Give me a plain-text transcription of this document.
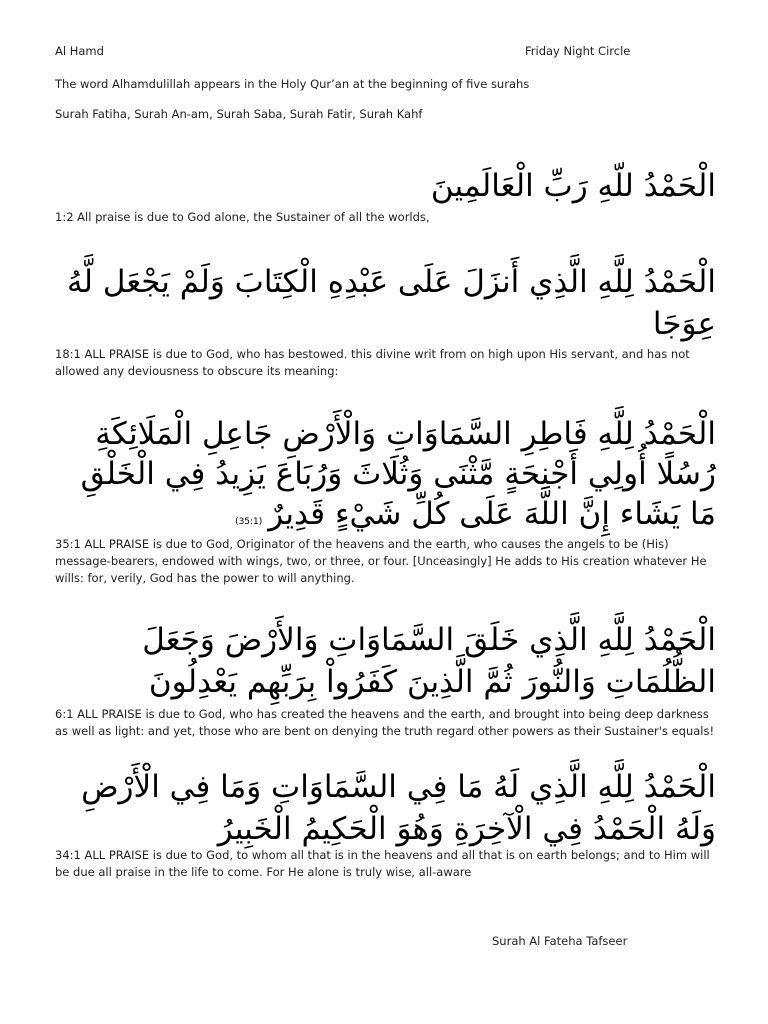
Al Hamd	Friday Night Circle
The word Alhamdulillah appears in the Holy Qur’an at the beginning of five surahs
Surah Fatiha, Surah An-am, Surah Saba, Surah Fatir, Surah Kahf
الْحَمْدُ للّهِ رَبِّ الْعَالَمِينَ
1:2 All praise is due to God alone, the Sustainer of all the worlds,
الْحَمْدُ لِلَّهِ الَّذِي أَنزَلَ عَلَى عَبْدِهِ الْكِتَابَ وَلَمْ يَجْعَل لَّهُ عِوَجَا
18:1 ALL PRAISE is due to God, who has bestowed. this divine writ from on high upon His servant, and has not allowed any deviousness to obscure its meaning:
الْحَمْدُ لِلَّهِ فَاطِرِ السَّمَاوَاتِ وَالْأَرْضِ جَاعِلِ الْمَلَائِكَةِ رُسُلًا أُولِي أَجْنِحَةٍ مَّثْنَى وَثُلَاثَ وَرُبَاعَ يَزِيدُ فِي الْخَلْقِ مَا يَشَاء إِنَّ اللَّهَ عَلَى كُلِّ شَيْءٍ قَدِيرٌ(35:1)
35:1 ALL PRAISE is due to God, Originator of the heavens and the earth, who causes the angels to be (His) message-bearers, endowed with wings, two, or three, or four. [Unceasingly] He adds to His creation whatever He wills: for, verily, God has the power to will anything.
الْحَمْدُ لِلَّهِ الَّذِي خَلَقَ السَّمَاوَاتِ وَالأَرْضَ وَجَعَلَ الظُّلُمَاتِ وَالنُّورَ ثُمَّ الَّذِينَ كَفَرُواْ بِرَبِّهِم يَعْدِلُونَ
6:1 ALL PRAISE is due to God, who has created the heavens and the earth, and brought into being deep darkness as well as light: and yet, those who are bent on denying the truth regard other powers as their Sustainer's equals!
الْحَمْدُ لِلَّهِ الَّذِي لَهُ مَا فِي السَّمَاوَاتِ وَمَا فِي الْأَرْضِ وَلَهُ الْحَمْدُ فِي الْآخِرَةِ وَهُوَ الْحَكِيمُ الْخَبِيرُ
34:1 ALL PRAISE is due to God, to whom all that is in the heavens and all that is on earth belongs; and to Him will be due all praise in the life to come. For He alone is truly wise, all-aware
Surah Al Fateha Tafseer
